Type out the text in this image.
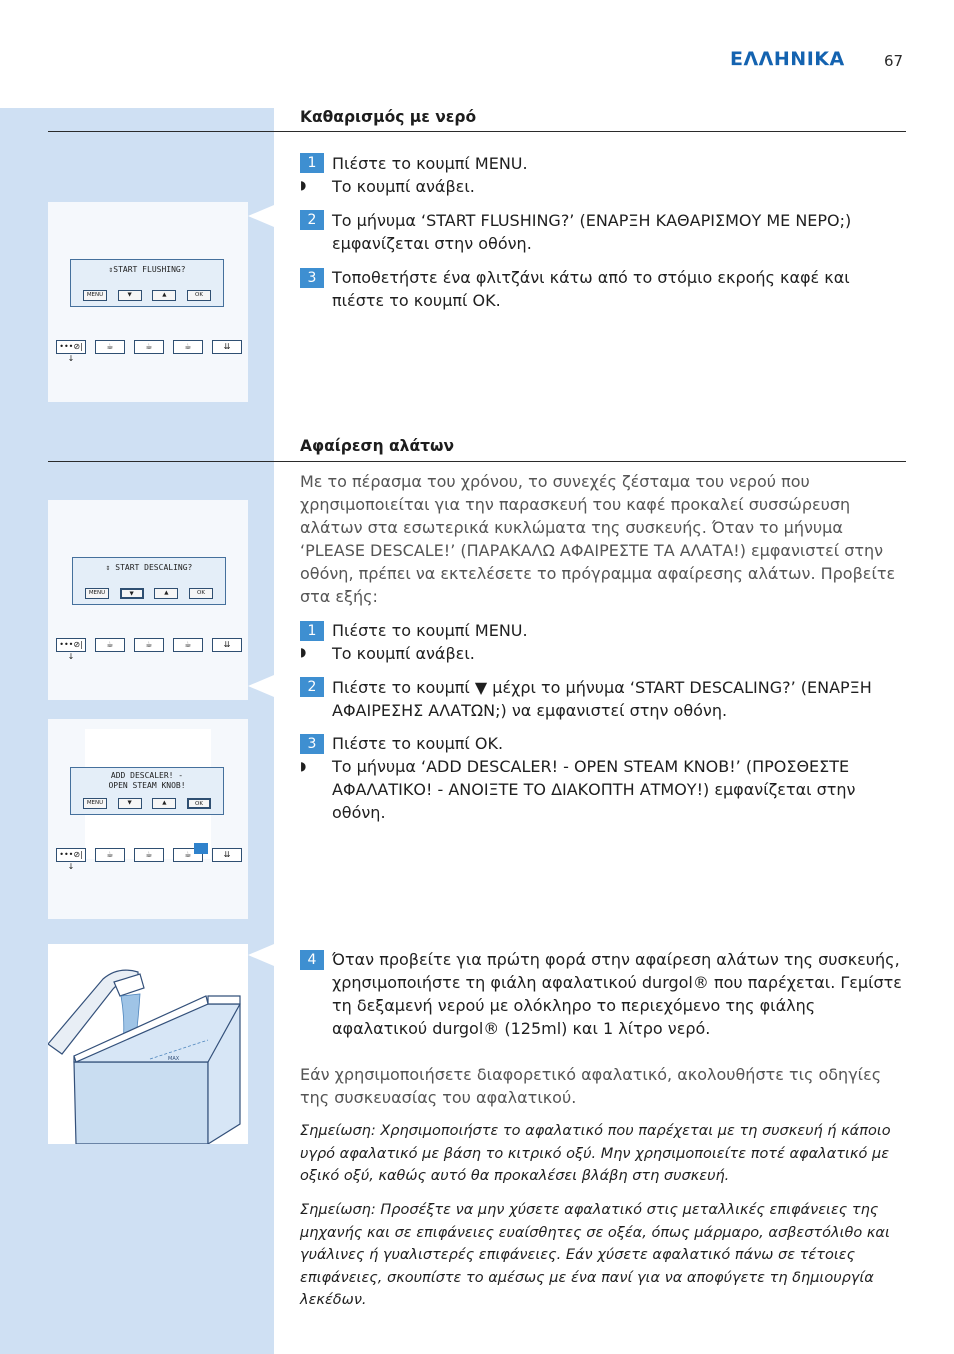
ΕΛΛΗΝΙΚΑ	67
Καθαρισμός με νερό
⇕START FLUSHING?
MENU	▼	▲	OK
•••⊘|↓
☕	☕	☕	⇊
1 Πιέστε το κουμπί MENU.
◗ Το κουμπί ανάβει.
2 Το μήνυμα ‘START FLUSHING?’ (ΕΝΑΡΞΗ ΚΑΘΑΡΙΣΜΟΥ ΜΕ ΝΕΡΟ;) εμφανίζεται στην οθόνη.
3 Τοποθετήστε ένα φλιτζάνι κάτω από το στόμιο εκροής καφέ και πιέστε το κουμπί OK.
Αφαίρεση αλάτων
Με το πέρασμα του χρόνου, το συνεχές ζέσταμα του νερού που χρησιμοποιείται για την παρασκευή του καφέ προκαλεί συσσώρευση αλάτων στα εσωτερικά κυκλώματα της συσκευής. Όταν το μήνυμα ‘PLEASE DESCALE!’ (ΠΑΡΑΚΑΛΩ ΑΦΑΙΡΕΣΤΕ ΤΑ ΑΛΑΤΑ!) εμφανιστεί στην οθόνη, πρέπει να εκτελέσετε το πρόγραμμα αφαίρεσης αλάτων. Προβείτε στα εξής:
⇕ START DESCALING?
MENU	▼	▲	OK
•••⊘|↓
☕	☕	☕	⇊
ADD DESCALER! -
OPEN STEAM KNOB!
MENU	▼	▲	OK
•••⊘|↓
☕	☕	☕	⇊
1 Πιέστε το κουμπί MENU.
◗ Το κουμπί ανάβει.
2 Πιέστε το κουμπί ▼ μέχρι το μήνυμα ‘START DESCALING?’ (ΕΝΑΡΞΗ ΑΦΑΙΡΕΣΗΣ ΑΛΑΤΩΝ;) να εμφανιστεί στην οθόνη.
3 Πιέστε το κουμπί OK.
◗ Το μήνυμα ‘ADD DESCALER! - OPEN STEAM KNOB!’ (ΠΡΟΣΘΕΣΤΕ ΑΦΑΛΑΤΙΚΟ! - ΑΝΟΙΞΤΕ ΤΟ ΔΙΑΚΟΠΤΗ ΑΤΜΟΥ!) εμφανίζεται στην οθόνη.
MAX
4 Όταν προβείτε για πρώτη φορά στην αφαίρεση αλάτων της συσκευής, χρησιμοποιήστε τη φιάλη αφαλατικού durgol® που παρέχεται. Γεμίστε τη δεξαμενή νερού με ολόκληρο το περιεχόμενο της φιάλης αφαλατικού durgol® (125ml) και 1 λίτρο νερό.
Εάν χρησιμοποιήσετε διαφορετικό αφαλατικό, ακολουθήστε τις οδηγίες της συσκευασίας του αφαλατικού.
Σημείωση: Χρησιμοποιήστε το αφαλατικό που παρέχεται με τη συσκευή ή κάποιο υγρό αφαλατικό με βάση το κιτρικό οξύ. Μην χρησιμοποιείτε ποτέ αφαλατικό με οξικό οξύ, καθώς αυτό θα προκαλέσει βλάβη στη συσκευή.
Σημείωση: Προσέξτε να μην χύσετε αφαλατικό στις μεταλλικές επιφάνειες της μηχανής και σε επιφάνειες ευαίσθητες σε οξέα, όπως μάρμαρο, ασβεστόλιθο και γυάλινες ή γυαλιστερές επιφάνειες. Εάν χύσετε αφαλατικό πάνω σε τέτοιες επιφάνειες, σκουπίστε το αμέσως με ένα πανί για να αποφύγετε τη δημιουργία λεκέδων.
